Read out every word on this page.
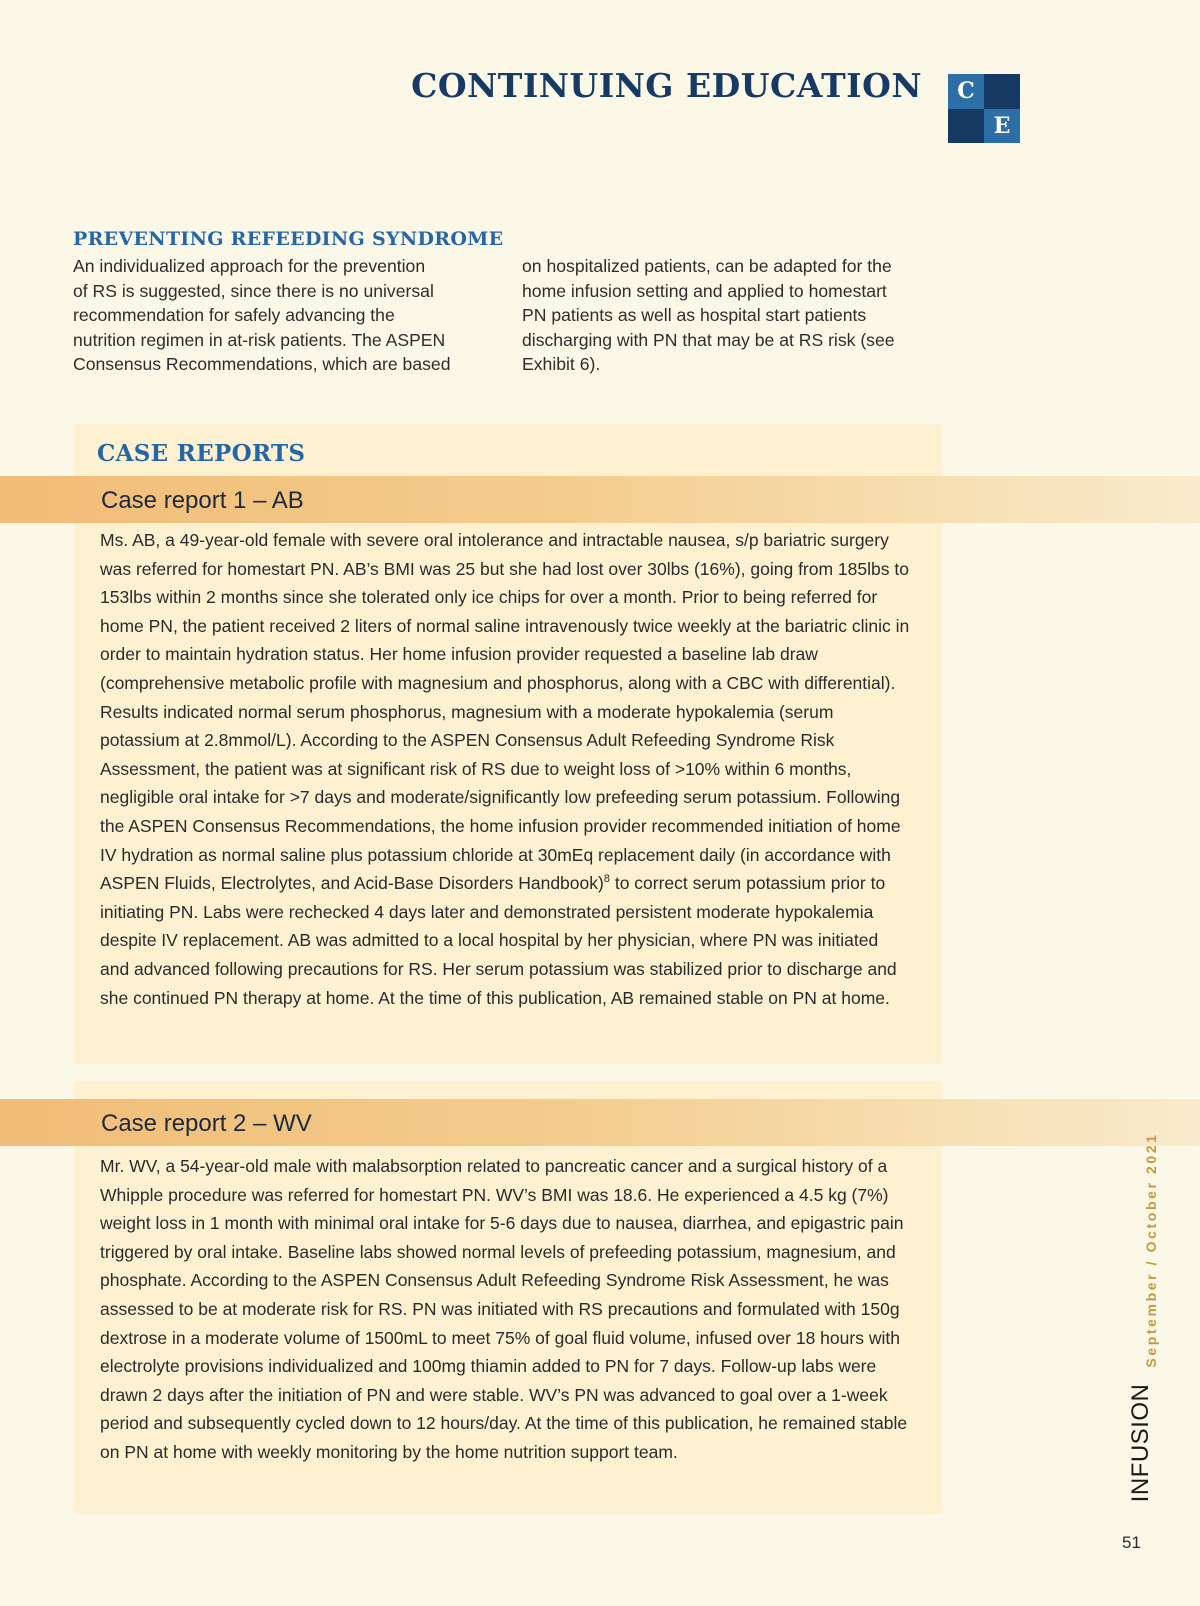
CONTINUING EDUCATION	C
E
PREVENTING REFEEDING SYNDROME
An individualized approach for the prevention
of RS is suggested, since there is no universal
recommendation for safely advancing the
nutrition regimen in at-risk patients. The ASPEN
Consensus Recommendations, which are based
on hospitalized patients, can be adapted for the
home infusion setting and applied to homestart
PN patients as well as hospital start patients
discharging with PN that may be at RS risk (see
Exhibit 6).
CASE REPORTS
Case report 1 – AB
Ms. AB, a 49-year-old female with severe oral intolerance and intractable nausea, s/p bariatric surgery was referred for homestart PN. AB’s BMI was 25 but she had lost over 30lbs (16%), going from 185lbs to 153lbs within 2 months since she tolerated only ice chips for over a month. Prior to being referred for home PN, the patient received 2 liters of normal saline intravenously twice weekly at the bariatric clinic in order to maintain hydration status. Her home infusion provider requested a baseline lab draw (comprehensive metabolic profile with magnesium and phosphorus, along with a CBC with differential). Results indicated normal serum phosphorus, magnesium with a moderate hypokalemia (serum potassium at 2.8mmol/L). According to the ASPEN Consensus Adult Refeeding Syndrome Risk Assessment, the patient was at significant risk of RS due to weight loss of >10% within 6 months, negligible oral intake for >7 days and moderate/significantly low prefeeding serum potassium. Following the ASPEN Consensus Recommendations, the home infusion provider recommended initiation of home IV hydration as normal saline plus potassium chloride at 30mEq replacement daily (in accordance with ASPEN Fluids, Electrolytes, and Acid-Base Disorders Handbook)$^8$ to correct serum potassium prior to initiating PN. Labs were rechecked 4 days later and demonstrated persistent moderate hypokalemia despite IV replacement. AB was admitted to a local hospital by her physician, where PN was initiated and advanced following precautions for RS. Her serum potassium was stabilized prior to discharge and she continued PN therapy at home. At the time of this publication, AB remained stable on PN at home.
Case report 2 – WV
Mr. WV, a 54-year-old male with malabsorption related to pancreatic cancer and a surgical history of a Whipple procedure was referred for homestart PN. WV’s BMI was 18.6. He experienced a 4.5 kg (7%) weight loss in 1 month with minimal oral intake for 5-6 days due to nausea, diarrhea, and epigastric pain triggered by oral intake. Baseline labs showed normal levels of prefeeding potassium, magnesium, and phosphate. According to the ASPEN Consensus Adult Refeeding Syndrome Risk Assessment, he was assessed to be at moderate risk for RS. PN was initiated with RS precautions and formulated with 150g dextrose in a moderate volume of 1500mL to meet 75% of goal fluid volume, infused over 18 hours with electrolyte provisions individualized and 100mg thiamin added to PN for 7 days. Follow-up labs were drawn 2 days after the initiation of PN and were stable. WV’s PN was advanced to goal over a 1-week period and subsequently cycled down to 12 hours/day. At the time of this publication, he remained stable on PN at home with weekly monitoring by the home nutrition support team.
September / October 2021
INFUSION
51
